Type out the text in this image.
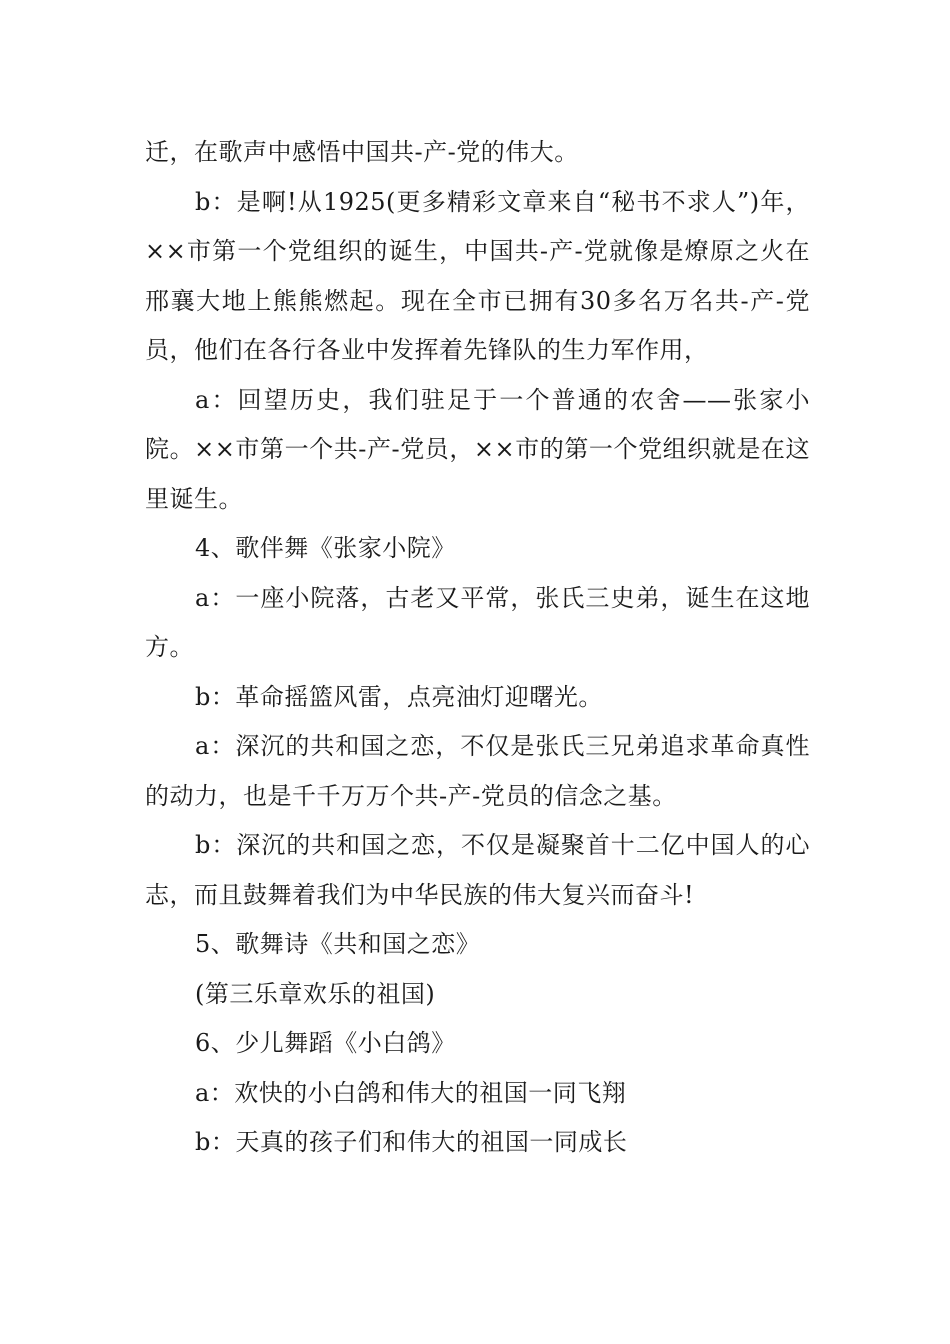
迁，在歌声中感悟中国共-产-党的伟大。

b：是啊!从1925(更多精彩文章来自“秘书不求人”)年，××市第一个党组织的诞生，中国共-产-党就像是燎原之火在邢襄大地上熊熊燃起。现在全市已拥有30多名万名共-产-党员，他们在各行各业中发挥着先锋队的生力军作用，

a：回望历史，我们驻足于一个普通的农舍——张家小院。××市第一个共-产-党员，××市的第一个党组织就是在这里诞生。

4、歌伴舞《张家小院》

a：一座小院落，古老又平常，张氏三史弟，诞生在这地方。

b：革命摇篮风雷，点亮油灯迎曙光。

a：深沉的共和国之恋，不仅是张氏三兄弟追求革命真性的动力，也是千千万万个共-产-党员的信念之基。

b：深沉的共和国之恋，不仅是凝聚首十二亿中国人的心志，而且鼓舞着我们为中华民族的伟大复兴而奋斗!

5、歌舞诗《共和国之恋》

(第三乐章欢乐的祖国)

6、少儿舞蹈《小白鸽》

a：欢快的小白鸽和伟大的祖国一同飞翔

b：天真的孩子们和伟大的祖国一同成长
